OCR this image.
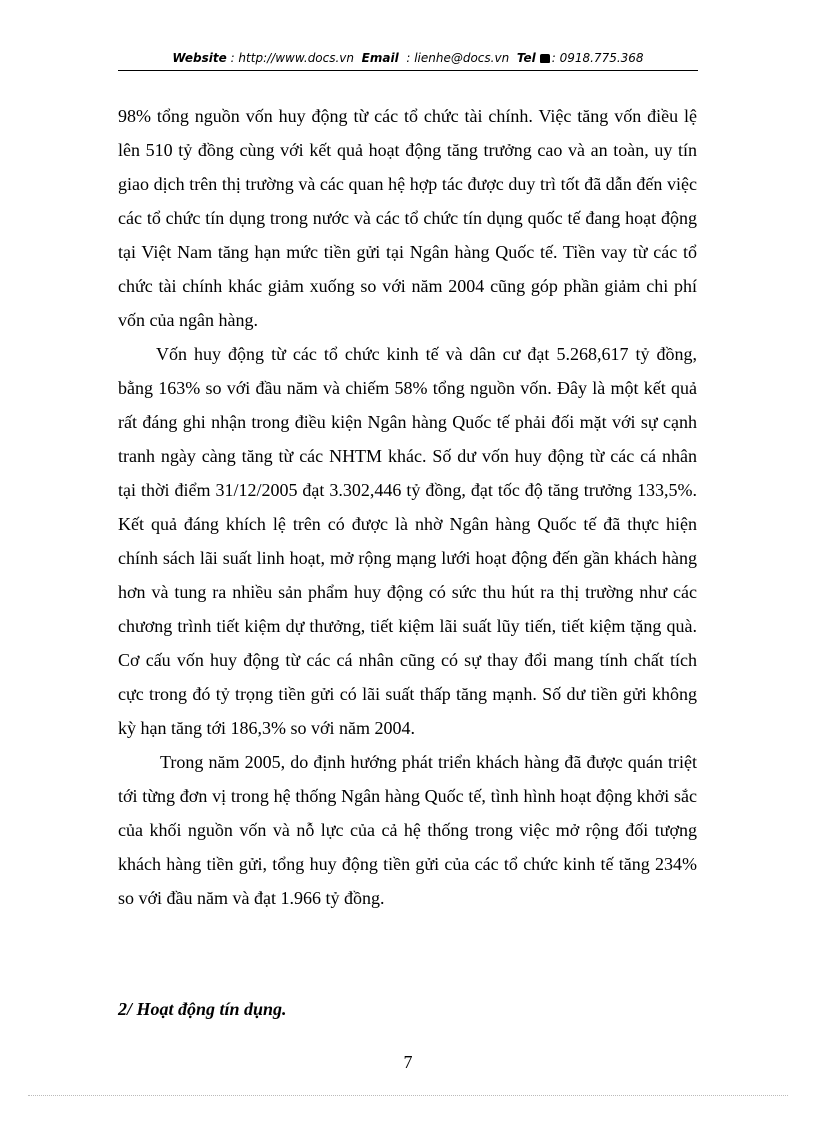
Website : http://www.docs.vn Email : lienhe@docs.vn Tel : 0918.775.368

98% tổng nguồn vốn huy động từ các tổ chức tài chính. Việc tăng vốn điều lệ lên 510 tỷ đồng cùng với kết quả hoạt động tăng trưởng cao và an toàn, uy tín giao dịch trên thị trường và các quan hệ hợp tác được duy trì tốt đã dẫn đến việc các tổ chức tín dụng trong nước và các tổ chức tín dụng quốc tế đang hoạt động tại Việt Nam tăng hạn mức tiền gửi tại Ngân hàng Quốc tế. Tiền vay từ các tổ chức tài chính khác giảm xuống so với năm 2004 cũng góp phần giảm chi phí vốn của ngân hàng.

Vốn huy động từ các tổ chức kinh tế và dân cư đạt 5.268,617 tỷ đồng, bằng 163% so với đầu năm và chiếm 58% tổng nguồn vốn. Đây là một kết quả rất đáng ghi nhận trong điều kiện Ngân hàng Quốc tế phải đối mặt với sự cạnh tranh ngày càng tăng từ các NHTM khác. Số dư vốn huy động từ các cá nhân tại thời điểm 31/12/2005 đạt 3.302,446 tỷ đồng, đạt tốc độ tăng trưởng 133,5%. Kết quả đáng khích lệ trên có được là nhờ Ngân hàng Quốc tế đã thực hiện chính sách lãi suất linh hoạt, mở rộng mạng lưới hoạt động đến gần khách hàng hơn và tung ra nhiều sản phẩm huy động có sức thu hút ra thị trường như các chương trình tiết kiệm dự thưởng, tiết kiệm lãi suất lũy tiến, tiết kiệm tặng quà. Cơ cấu vốn huy động từ các cá nhân cũng có sự thay đổi mang tính chất tích cực trong đó tỷ trọng tiền gửi có lãi suất thấp tăng mạnh. Số dư tiền gửi không kỳ hạn tăng tới 186,3% so với năm 2004.

Trong năm 2005, do định hướng phát triển khách hàng đã được quán triệt tới từng đơn vị trong hệ thống Ngân hàng Quốc tế, tình hình hoạt động khởi sắc của khối nguồn vốn và nỗ lực của cả hệ thống trong việc mở rộng đối tượng khách hàng tiền gửi, tổng huy động tiền gửi của các tổ chức kinh tế tăng 234% so với đầu năm và đạt 1.966 tỷ đồng.

2/ Hoạt động tín dụng.
7
